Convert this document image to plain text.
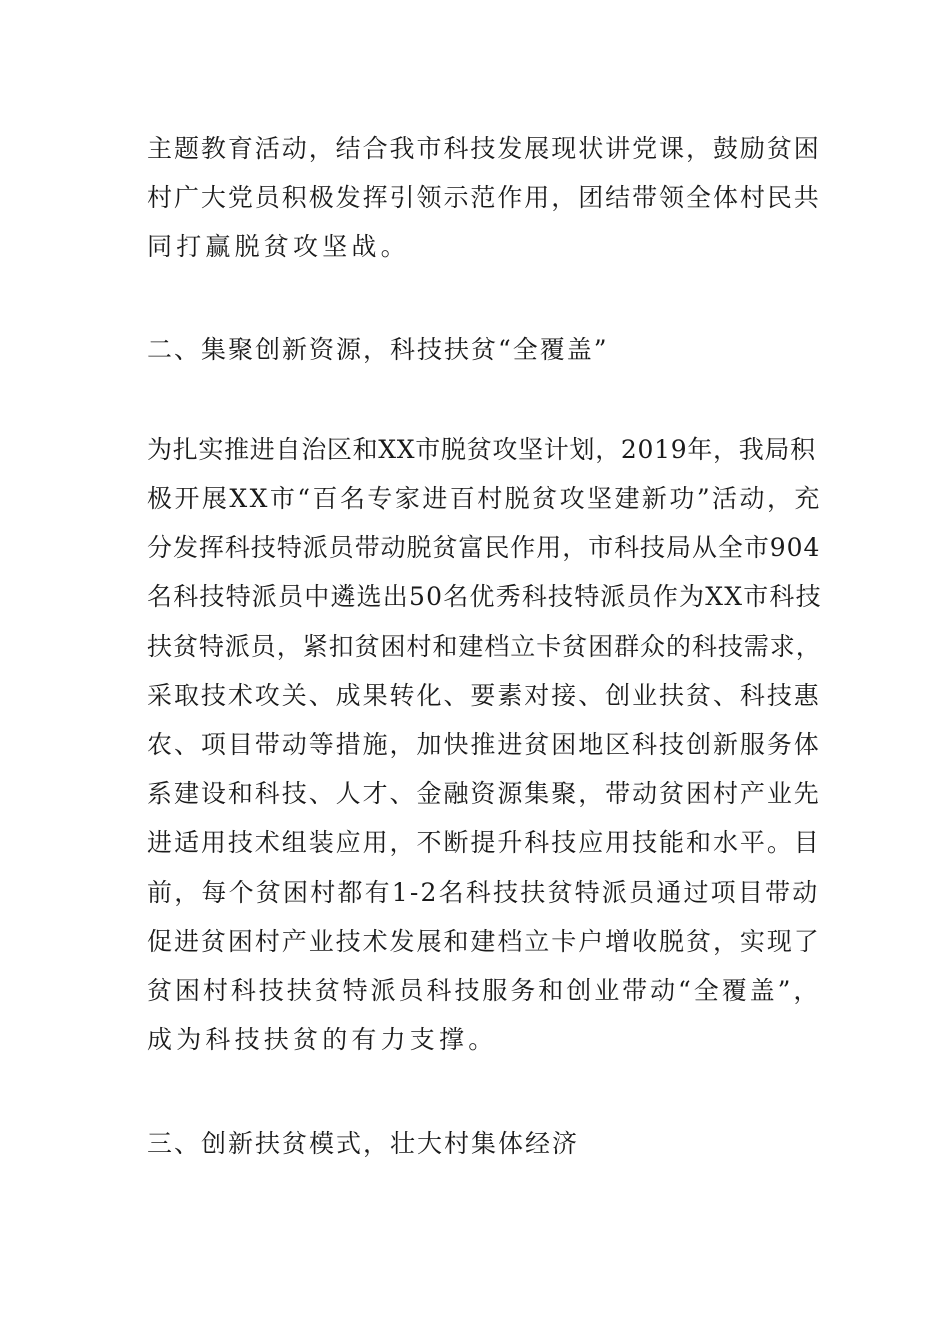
主题教育活动，结合我市科技发展现状讲党课，鼓励贫困
村广大党员积极发挥引领示范作用，团结带领全体村民共
同打赢脱贫攻坚战。
二、集聚创新资源，科技扶贫“全覆盖”
为扎实推进自治区和XX市脱贫攻坚计划，2019年，我局积
极开展XX市“百名专家进百村脱贫攻坚建新功”活动，充
分发挥科技特派员带动脱贫富民作用，市科技局从全市904
名科技特派员中遴选出50名优秀科技特派员作为XX市科技
扶贫特派员，紧扣贫困村和建档立卡贫困群众的科技需求，
采取技术攻关、成果转化、要素对接、创业扶贫、科技惠
农、项目带动等措施，加快推进贫困地区科技创新服务体
系建设和科技、人才、金融资源集聚，带动贫困村产业先
进适用技术组装应用，不断提升科技应用技能和水平。目
前，每个贫困村都有1-2名科技扶贫特派员通过项目带动
促进贫困村产业技术发展和建档立卡户增收脱贫，实现了
贫困村科技扶贫特派员科技服务和创业带动“全覆盖”，
成为科技扶贫的有力支撑。
三、创新扶贫模式，壮大村集体经济
